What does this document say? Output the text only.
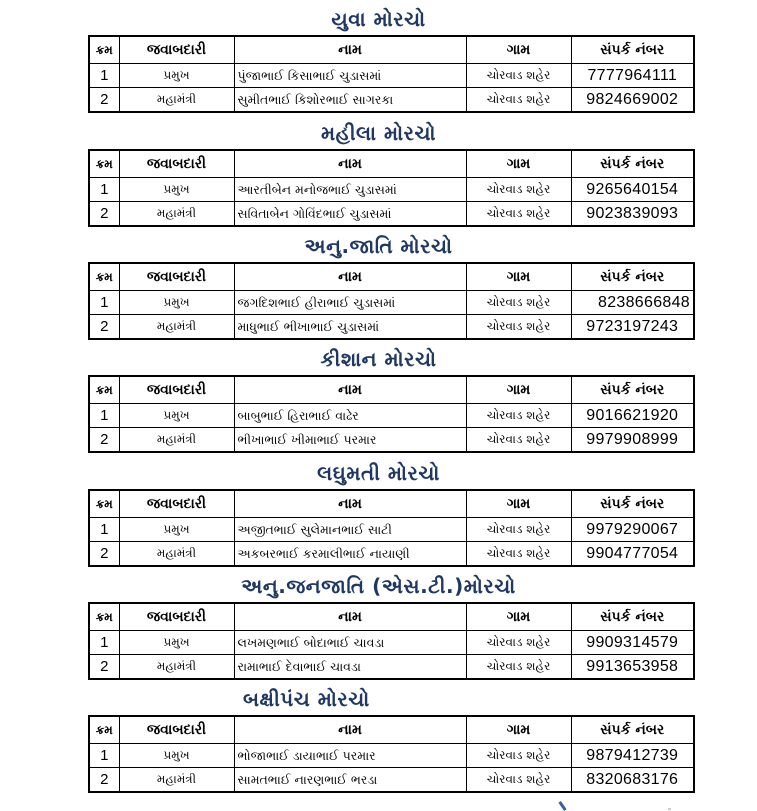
યુવા મોરચો
ક્રમ	જવાબદારી	નામ	ગામ	સંપર્ક નંબર
1	પ્રમુખ	પુંજાભાઈ કિસાભાઈ ચુડાસમાં	ચોરવાડ શહેર	7777964111
2	મહામંત્રી	સુમીતભાઈ કિશોરભાઈ સાગરકા	ચોરવાડ શહેર	9824669002
મહીલા મોરચો
ક્રમ	જવાબદારી	નામ	ગામ	સંપર્ક નંબર
1	પ્રમુખ	આરતીબેન મનોજભાઈ ચુડાસમાં	ચોરવાડ શહેર	9265640154
2	મહામંત્રી	સવિતાબેન ગોવિંદભાઈ ચુડાસમાં	ચોરવાડ શહેર	9023839093
અનુ.જાતિ મોરચો
ક્રમ	જવાબદારી	નામ	ગામ	સંપર્ક નંબર
1	પ્રમુખ	જગદિશભાઈ હીરાભાઈ ચુડાસમાં	ચોરવાડ શહેર	8238666848
2	મહામંત્રી	માધુભાઈ ભીખાભાઈ ચુડાસમાં	ચોરવાડ શહેર	9723197243
કીશાન મોરચો
ક્રમ	જવાબદારી	નામ	ગામ	સંપર્ક નંબર
1	પ્રમુખ	બાબુભાઈ હિરાભાઈ વાઢેર	ચોરવાડ શહેર	9016621920
2	મહામંત્રી	ભીખાભાઈ ખીમાભાઈ પરમાર	ચોરવાડ શહેર	9979908999
લઘુમતી મોરચો
ક્રમ	જવાબદારી	નામ	ગામ	સંપર્ક નંબર
1	પ્રમુખ	અજીતભાઈ સુલેમાનભાઈ સાટી	ચોરવાડ શહેર	9979290067
2	મહામંત્રી	અકબરભાઈ કરમાલીભાઈ નાયાણી	ચોરવાડ શહેર	9904777054
અનુ.જનજાતિ (એસ.ટી.)મોરચો
ક્રમ	જવાબદારી	નામ	ગામ	સંપર્ક નંબર
1	પ્રમુખ	લખમણભાઈ બોદાભાઈ ચાવડા	ચોરવાડ શહેર	9909314579
2	મહામંત્રી	રામાભાઈ દેવાભાઈ ચાવડા	ચોરવાડ શહેર	9913653958
બક્ષીપંચ મોરચો
ક્રમ	જવાબદારી	નામ	ગામ	સંપર્ક નંબર
1	પ્રમુખ	ભોજાભાઈ ડાયાભાઈ પરમાર	ચોરવાડ શહેર	9879412739
2	મહામંત્રી	સામતભાઈ નારણભાઈ ભરડા	ચોરવાડ શહેર	8320683176
